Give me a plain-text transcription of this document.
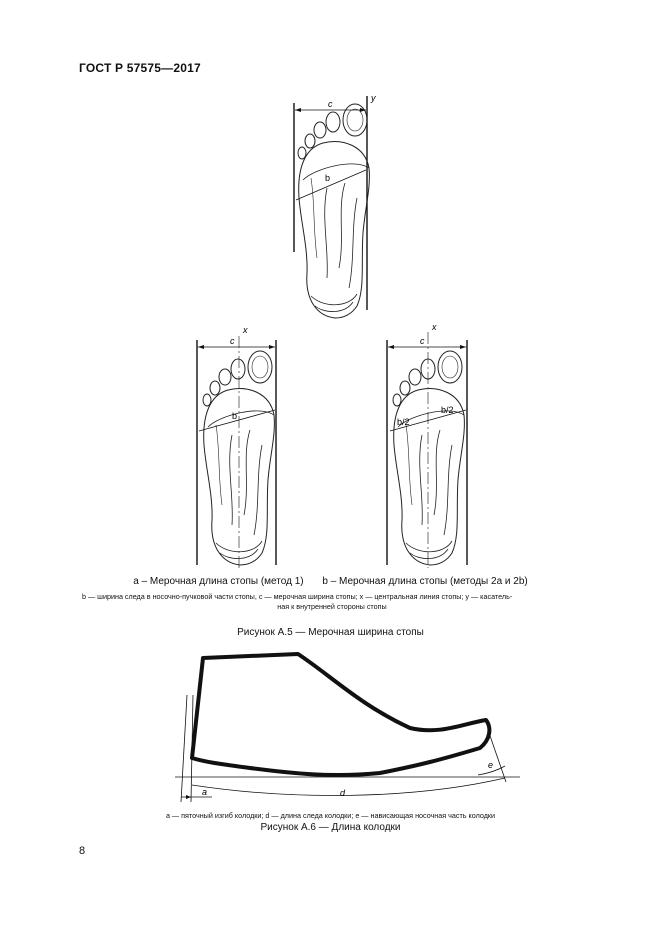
ГОСТ Р 57575—2017
c
y
b
c
x
b
c
x
b/2
b/2
a	d
e
а – Мерочная длина стопы (метод 1) b – Мерочная длина стопы (методы 2а и 2b)
b — ширина следа в носочно-пучковой части стопы, c — мерочная ширина стопы; x — центральная линия стопы; y — касатель-
ная к внутренней стороны стопы
Рисунок А.5 — Мерочная ширина стопы
а — пяточный изгиб колодки; d — длина следа колодки; е — нависающая носочная часть колодки
Рисунок А.6 — Длина колодки
8
